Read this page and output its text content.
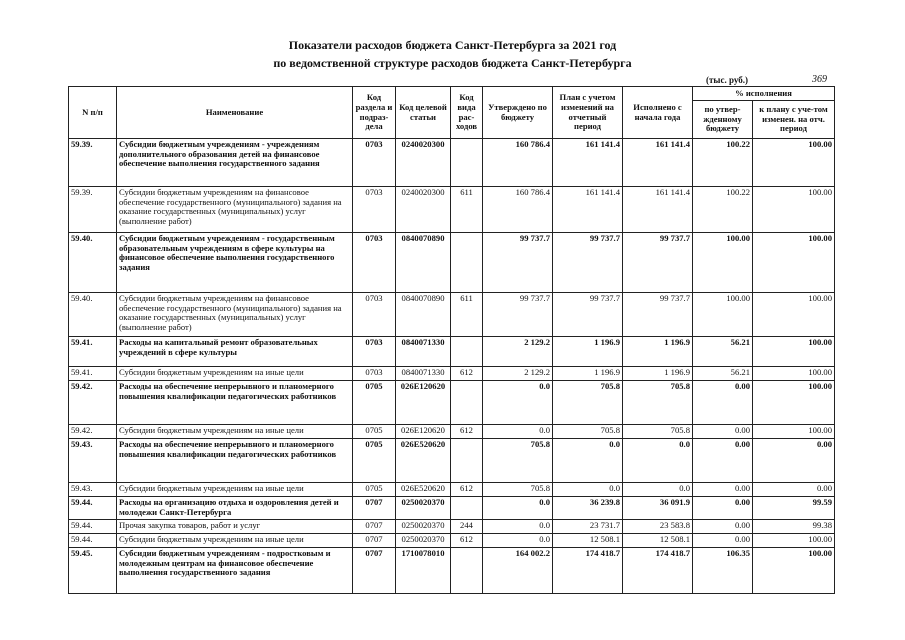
Показатели расходов бюджета Санкт-Петербурга за 2021 год
по ведомственной структуре расходов бюджета Санкт-Петербурга
(тыс. руб.)	369
N п/п	Наименование	Код раздела и подраз-дела	Код целевой статьи	Код вида рас-ходов	Утверждено по бюджету	План с учетом изменений на отчетный период	Исполнено с начала года	% исполнения	
								по утвер-жденному бюджету	к плану с уче-том изменен. на отч. период
59.39.	Субсидии бюджетным учреждениям - учреждениям дополнительного образования детей на финансовое обеспечение выполнения государственного задания	0703	0240020300		160 786.4	161 141.4	161 141.4	100.22	100.00
59.39.	Субсидии бюджетным учреждениям на финансовое обеспечение государственного (муниципального) задания на оказание государственных (муниципальных) услуг (выполнение работ)	0703	0240020300	611	160 786.4	161 141.4	161 141.4	100.22	100.00
59.40.	Субсидии бюджетным учреждениям - государственным образовательным учреждениям в сфере культуры на финансовое обеспечение выполнения государственного задания	0703	0840070890		99 737.7	99 737.7	99 737.7	100.00	100.00
59.40.	Субсидии бюджетным учреждениям на финансовое обеспечение государственного (муниципального) задания на оказание государственных (муниципальных) услуг (выполнение работ)	0703	0840070890	611	99 737.7	99 737.7	99 737.7	100.00	100.00
59.41.	Расходы на капитальный ремонт образовательных учреждений в сфере культуры	0703	0840071330		2 129.2	1 196.9	1 196.9	56.21	100.00
59.41.	Субсидии бюджетным учреждениям на иные цели	0703	0840071330	612	2 129.2	1 196.9	1 196.9	56.21	100.00
59.42.	Расходы на обеспечение непрерывного и планомерного повышения квалификации педагогических работников	0705	026Е120620		0.0	705.8	705.8	0.00	100.00
59.42.	Субсидии бюджетным учреждениям на иные цели	0705	026Е120620	612	0.0	705.8	705.8	0.00	100.00
59.43.	Расходы на обеспечение непрерывного и планомерного повышения квалификации педагогических работников	0705	026Е520620		705.8	0.0	0.0	0.00	0.00
59.43.	Субсидии бюджетным учреждениям на иные цели	0705	026Е520620	612	705.8	0.0	0.0	0.00	0.00
59.44.	Расходы на организацию отдыха и оздоровления детей и молодежи Санкт-Петербурга	0707	0250020370		0.0	36 239.8	36 091.9	0.00	99.59
59.44.	Прочая закупка товаров, работ и услуг	0707	0250020370	244	0.0	23 731.7	23 583.8	0.00	99.38
59.44.	Субсидии бюджетным учреждениям на иные цели	0707	0250020370	612	0.0	12 508.1	12 508.1	0.00	100.00
59.45.	Субсидии бюджетным учреждениям - подростковым и молодежным центрам на финансовое обеспечение выполнения государственного задания	0707	1710078010		164 002.2	174 418.7	174 418.7	106.35	100.00
